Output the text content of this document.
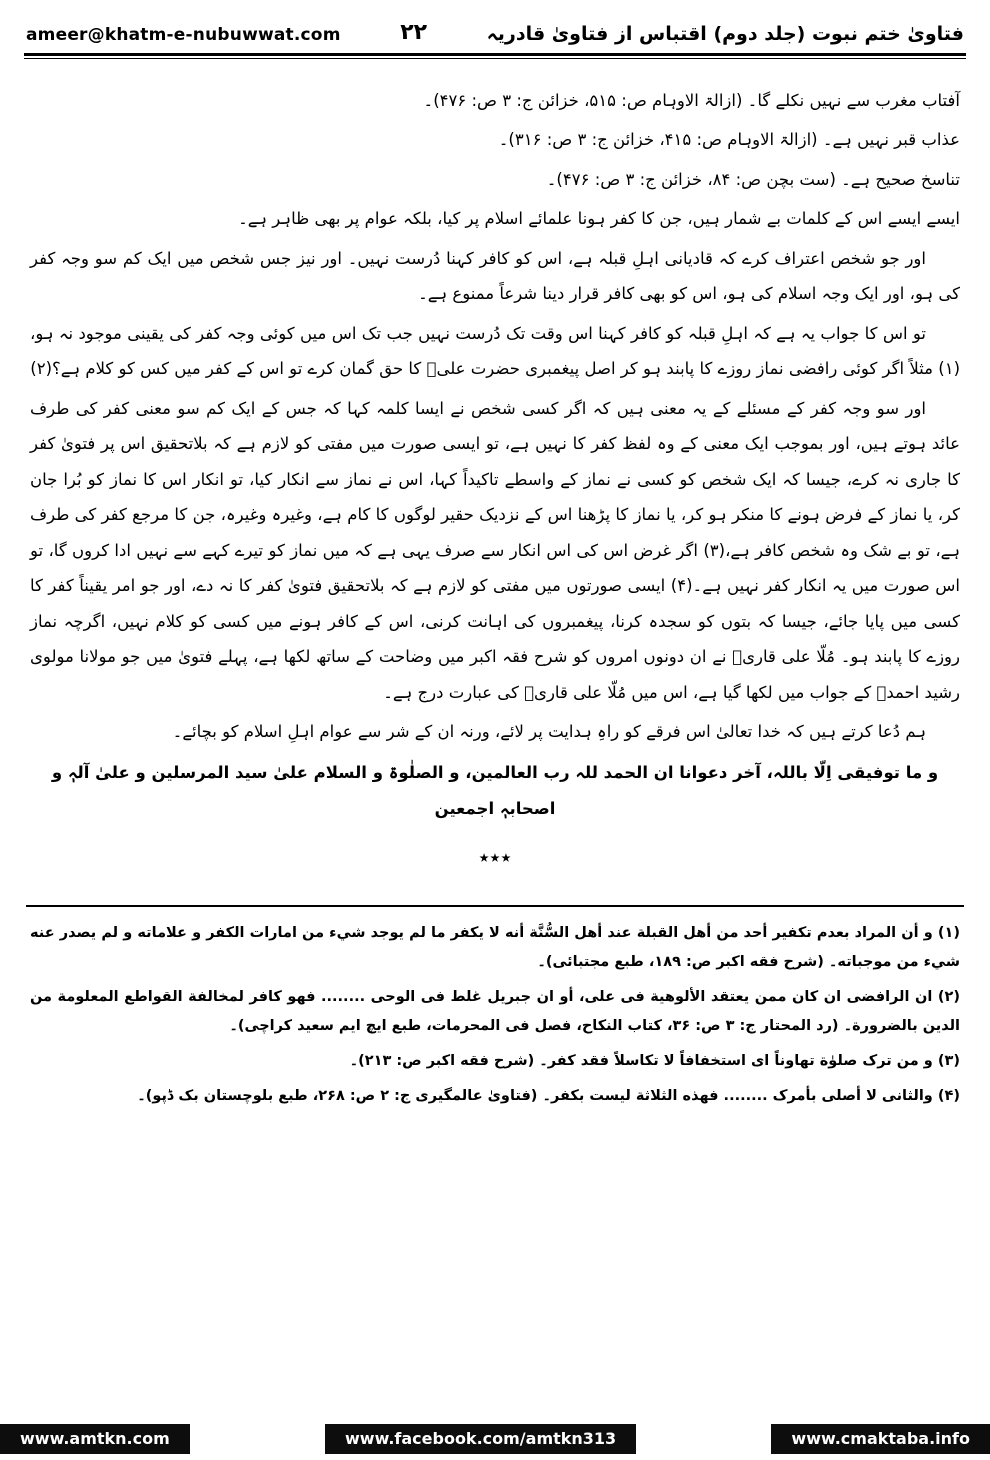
ameer@khatm-e-nubuwwat.com	۲۲	فتاویٰ ختم نبوت (جلد دوم) اقتباس از فتاویٰ قادریہ

آفتاب مغرب سے نہیں نکلے گا۔ (ازالۃ الاوہام ص: ۵۱۵، خزائن ج: ۳ ص: ۴۷۶)۔

عذاب قبر نہیں ہے۔ (ازالۃ الاوہام ص: ۴۱۵، خزائن ج: ۳ ص: ۳۱۶)۔

تناسخ صحیح ہے۔ (ست بچن ص: ۸۴، خزائن ج: ۳ ص: ۴۷۶)۔

ایسے ایسے اس کے کلمات بے شمار ہیں، جن کا کفر ہونا علمائے اسلام پر کیا، بلکہ عوام پر بھی ظاہر ہے۔

اور جو شخص اعتراف کرے کہ قادیانی اہلِ قبلہ ہے، اس کو کافر کہنا دُرست نہیں۔ اور نیز جس شخص میں ایک کم سو وجہ کفر کی ہو، اور ایک وجہ اسلام کی ہو، اس کو بھی کافر قرار دینا شرعاً ممنوع ہے۔

تو اس کا جواب یہ ہے کہ اہلِ قبلہ کو کافر کہنا اس وقت تک دُرست نہیں جب تک اس میں کوئی وجہ کفر کی یقینی موجود نہ ہو،(۱) مثلاً اگر کوئی رافضی نماز روزے کا پابند ہو کر اصل پیغمبری حضرت علیؓ کا حق گمان کرے تو اس کے کفر میں کس کو کلام ہے؟(۲)

اور سو وجہ کفر کے مسئلے کے یہ معنی ہیں کہ اگر کسی شخص نے ایسا کلمہ کہا کہ جس کے ایک کم سو معنی کفر کی طرف عائد ہوتے ہیں، اور بموجب ایک معنی کے وہ لفظ کفر کا نہیں ہے، تو ایسی صورت میں مفتی کو لازم ہے کہ بلاتحقیق اس پر فتویٰ کفر کا جاری نہ کرے، جیسا کہ ایک شخص کو کسی نے نماز کے واسطے تاکیداً کہا، اس نے نماز سے انکار کیا، تو انکار اس کا نماز کو بُرا جان کر، یا نماز کے فرض ہونے کا منکر ہو کر، یا نماز کا پڑھنا اس کے نزدیک حقیر لوگوں کا کام ہے، وغیرہ وغیرہ، جن کا مرجع کفر کی طرف ہے، تو بے شک وہ شخص کافر ہے،(۳) اگر غرض اس کی اس انکار سے صرف یہی ہے کہ میں نماز کو تیرے کہے سے نہیں ادا کروں گا، تو اس صورت میں یہ انکار کفر نہیں ہے۔(۴) ایسی صورتوں میں مفتی کو لازم ہے کہ بلاتحقیق فتویٰ کفر کا نہ دے، اور جو امر یقیناً کفر کا کسی میں پایا جائے، جیسا کہ بتوں کو سجدہ کرنا، پیغمبروں کی اہانت کرنی، اس کے کافر ہونے میں کسی کو کلام نہیں، اگرچہ نماز روزے کا پابند ہو۔ مُلّا علی قاریؒ نے ان دونوں امروں کو شرح فقہ اکبر میں وضاحت کے ساتھ لکھا ہے، پہلے فتویٰ میں جو مولانا مولوی رشید احمدؒ کے جواب میں لکھا گیا ہے، اس میں مُلّا علی قاریؒ کی عبارت درج ہے۔

ہم دُعا کرتے ہیں کہ خدا تعالیٰ اس فرقے کو راہِ ہدایت پر لائے، ورنہ ان کے شر سے عوام اہلِ اسلام کو بچائے۔

و ما توفیقی اِلّا باللہ، آخر دعوانا ان الحمد للہ رب العالمین، و الصلٰوۃ و السلام علیٰ سید المرسلین و علیٰ آلہٖ و اصحابہٖ اجمعین

٭٭٭

(۱) و أن المراد بعدم تکفیر أحد من أهل القبلة عند أهل السُّنَّة أنه لا یکفر ما لم یوجد شيء من امارات الکفر و علاماته و لم یصدر عنه شيء من موجباته۔ (شرح فقه اکبر ص: ۱۸۹، طبع مجتبائی)۔

(۲) ان الرافضی ان کان ممن یعتقد الألوهیة فی علی، أو ان جبریل غلط فی الوحی ........ فهو کافر لمخالفة القواطع المعلومة من الدین بالضرورة۔ (رد المحتار ج: ۳ ص: ۳۶، کتاب النکاح، فصل فی المحرمات، طبع ایچ ایم سعید کراچی)۔

(۳) و من ترک صلوٰة تهاوناً ای استخفافاً لا تکاسلاً فقد کفر۔ (شرح فقه اکبر ص: ۲۱۳)۔

(۴) والثانی لا أصلی بأمرک ........ فهذه الثلاثة لیست بکفر۔ (فتاویٰ عالمگیری ج: ۲ ص: ۲۶۸، طبع بلوچستان بک ڈپو)۔

www.amtkn.com	www.facebook.com/amtkn313	www.cmaktaba.info
